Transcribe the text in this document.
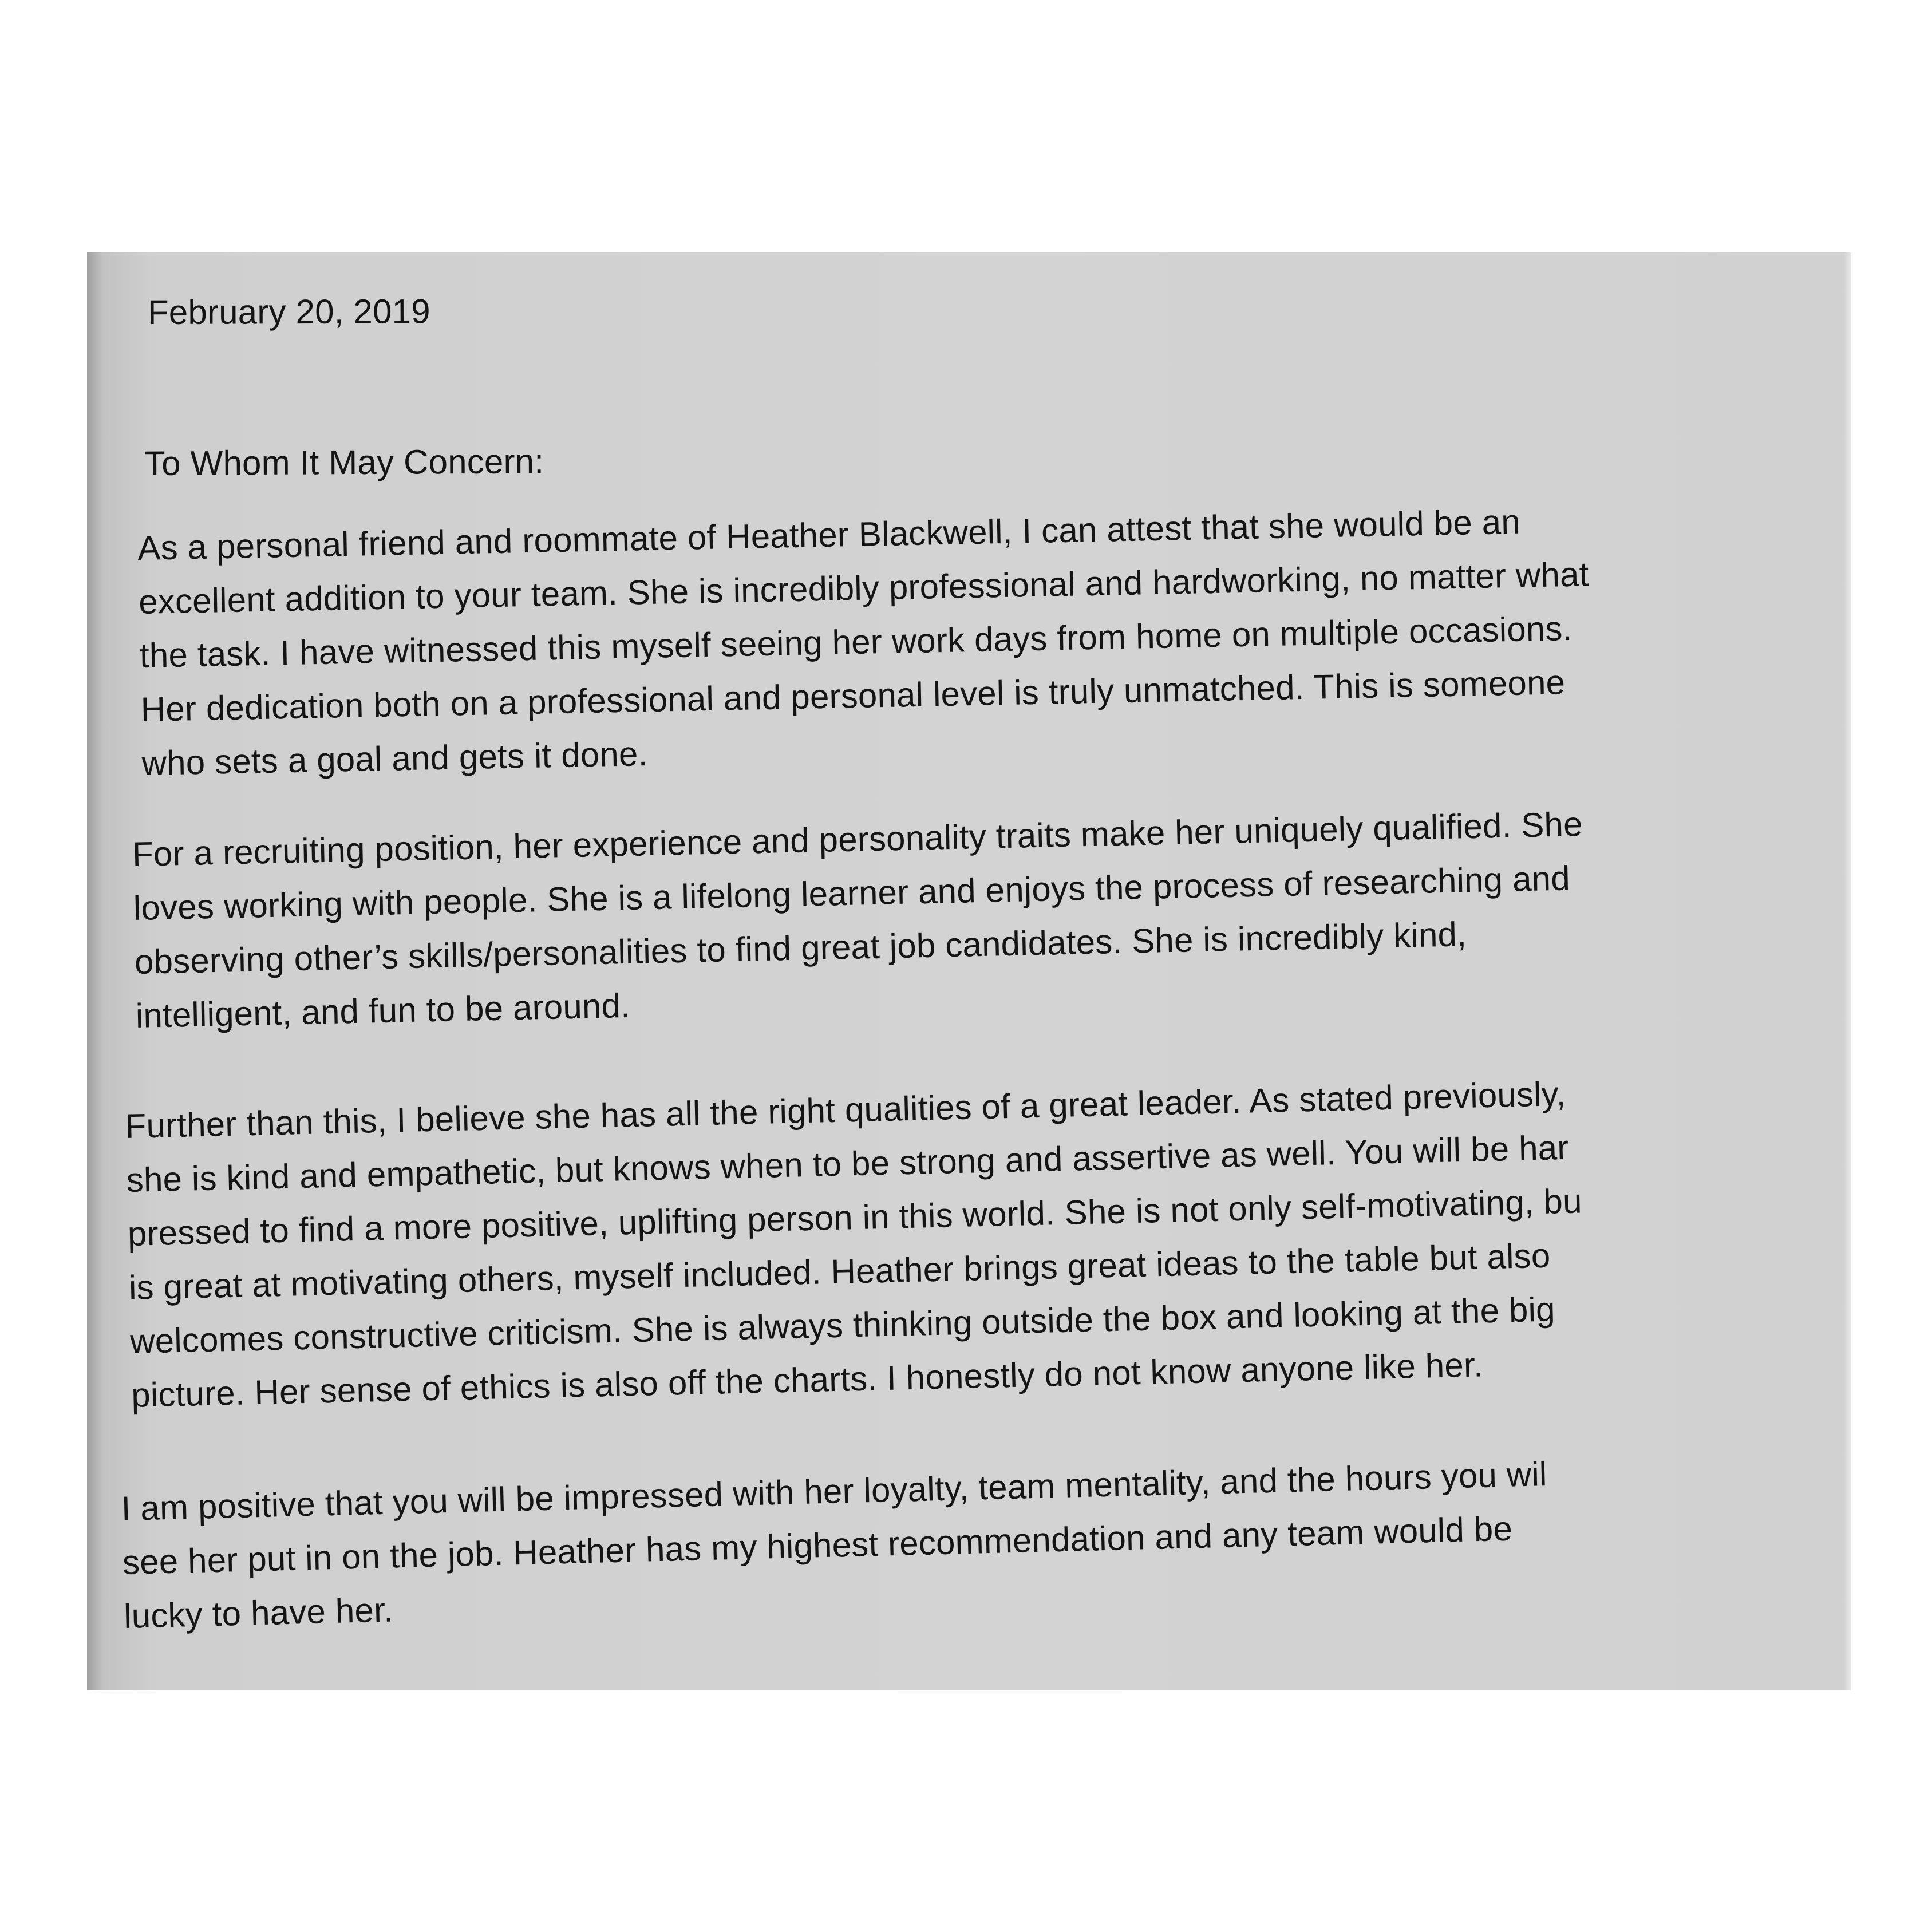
February 20, 2019
To Whom It May Concern:
As a personal friend and roommate of Heather Blackwell, I can attest that she would be an
excellent addition to your team. She is incredibly professional and hardworking, no matter what
the task. I have witnessed this myself seeing her work days from home on multiple occasions.
Her dedication both on a professional and personal level is truly unmatched. This is someone
who sets a goal and gets it done.
For a recruiting position, her experience and personality traits make her uniquely qualified. She
loves working with people. She is a lifelong learner and enjoys the process of researching and
observing other’s skills/personalities to find great job candidates. She is incredibly kind,
intelligent, and fun to be around.
Further than this, I believe she has all the right qualities of a great leader. As stated previously,
she is kind and empathetic, but knows when to be strong and assertive as well. You will be har
pressed to find a more positive, uplifting person in this world. She is not only self-motivating, bu
is great at motivating others, myself included. Heather brings great ideas to the table but also
welcomes constructive criticism. She is always thinking outside the box and looking at the big
picture. Her sense of ethics is also off the charts. I honestly do not know anyone like her.
I am positive that you will be impressed with her loyalty, team mentality, and the hours you wil
see her put in on the job. Heather has my highest recommendation and any team would be
lucky to have her.
